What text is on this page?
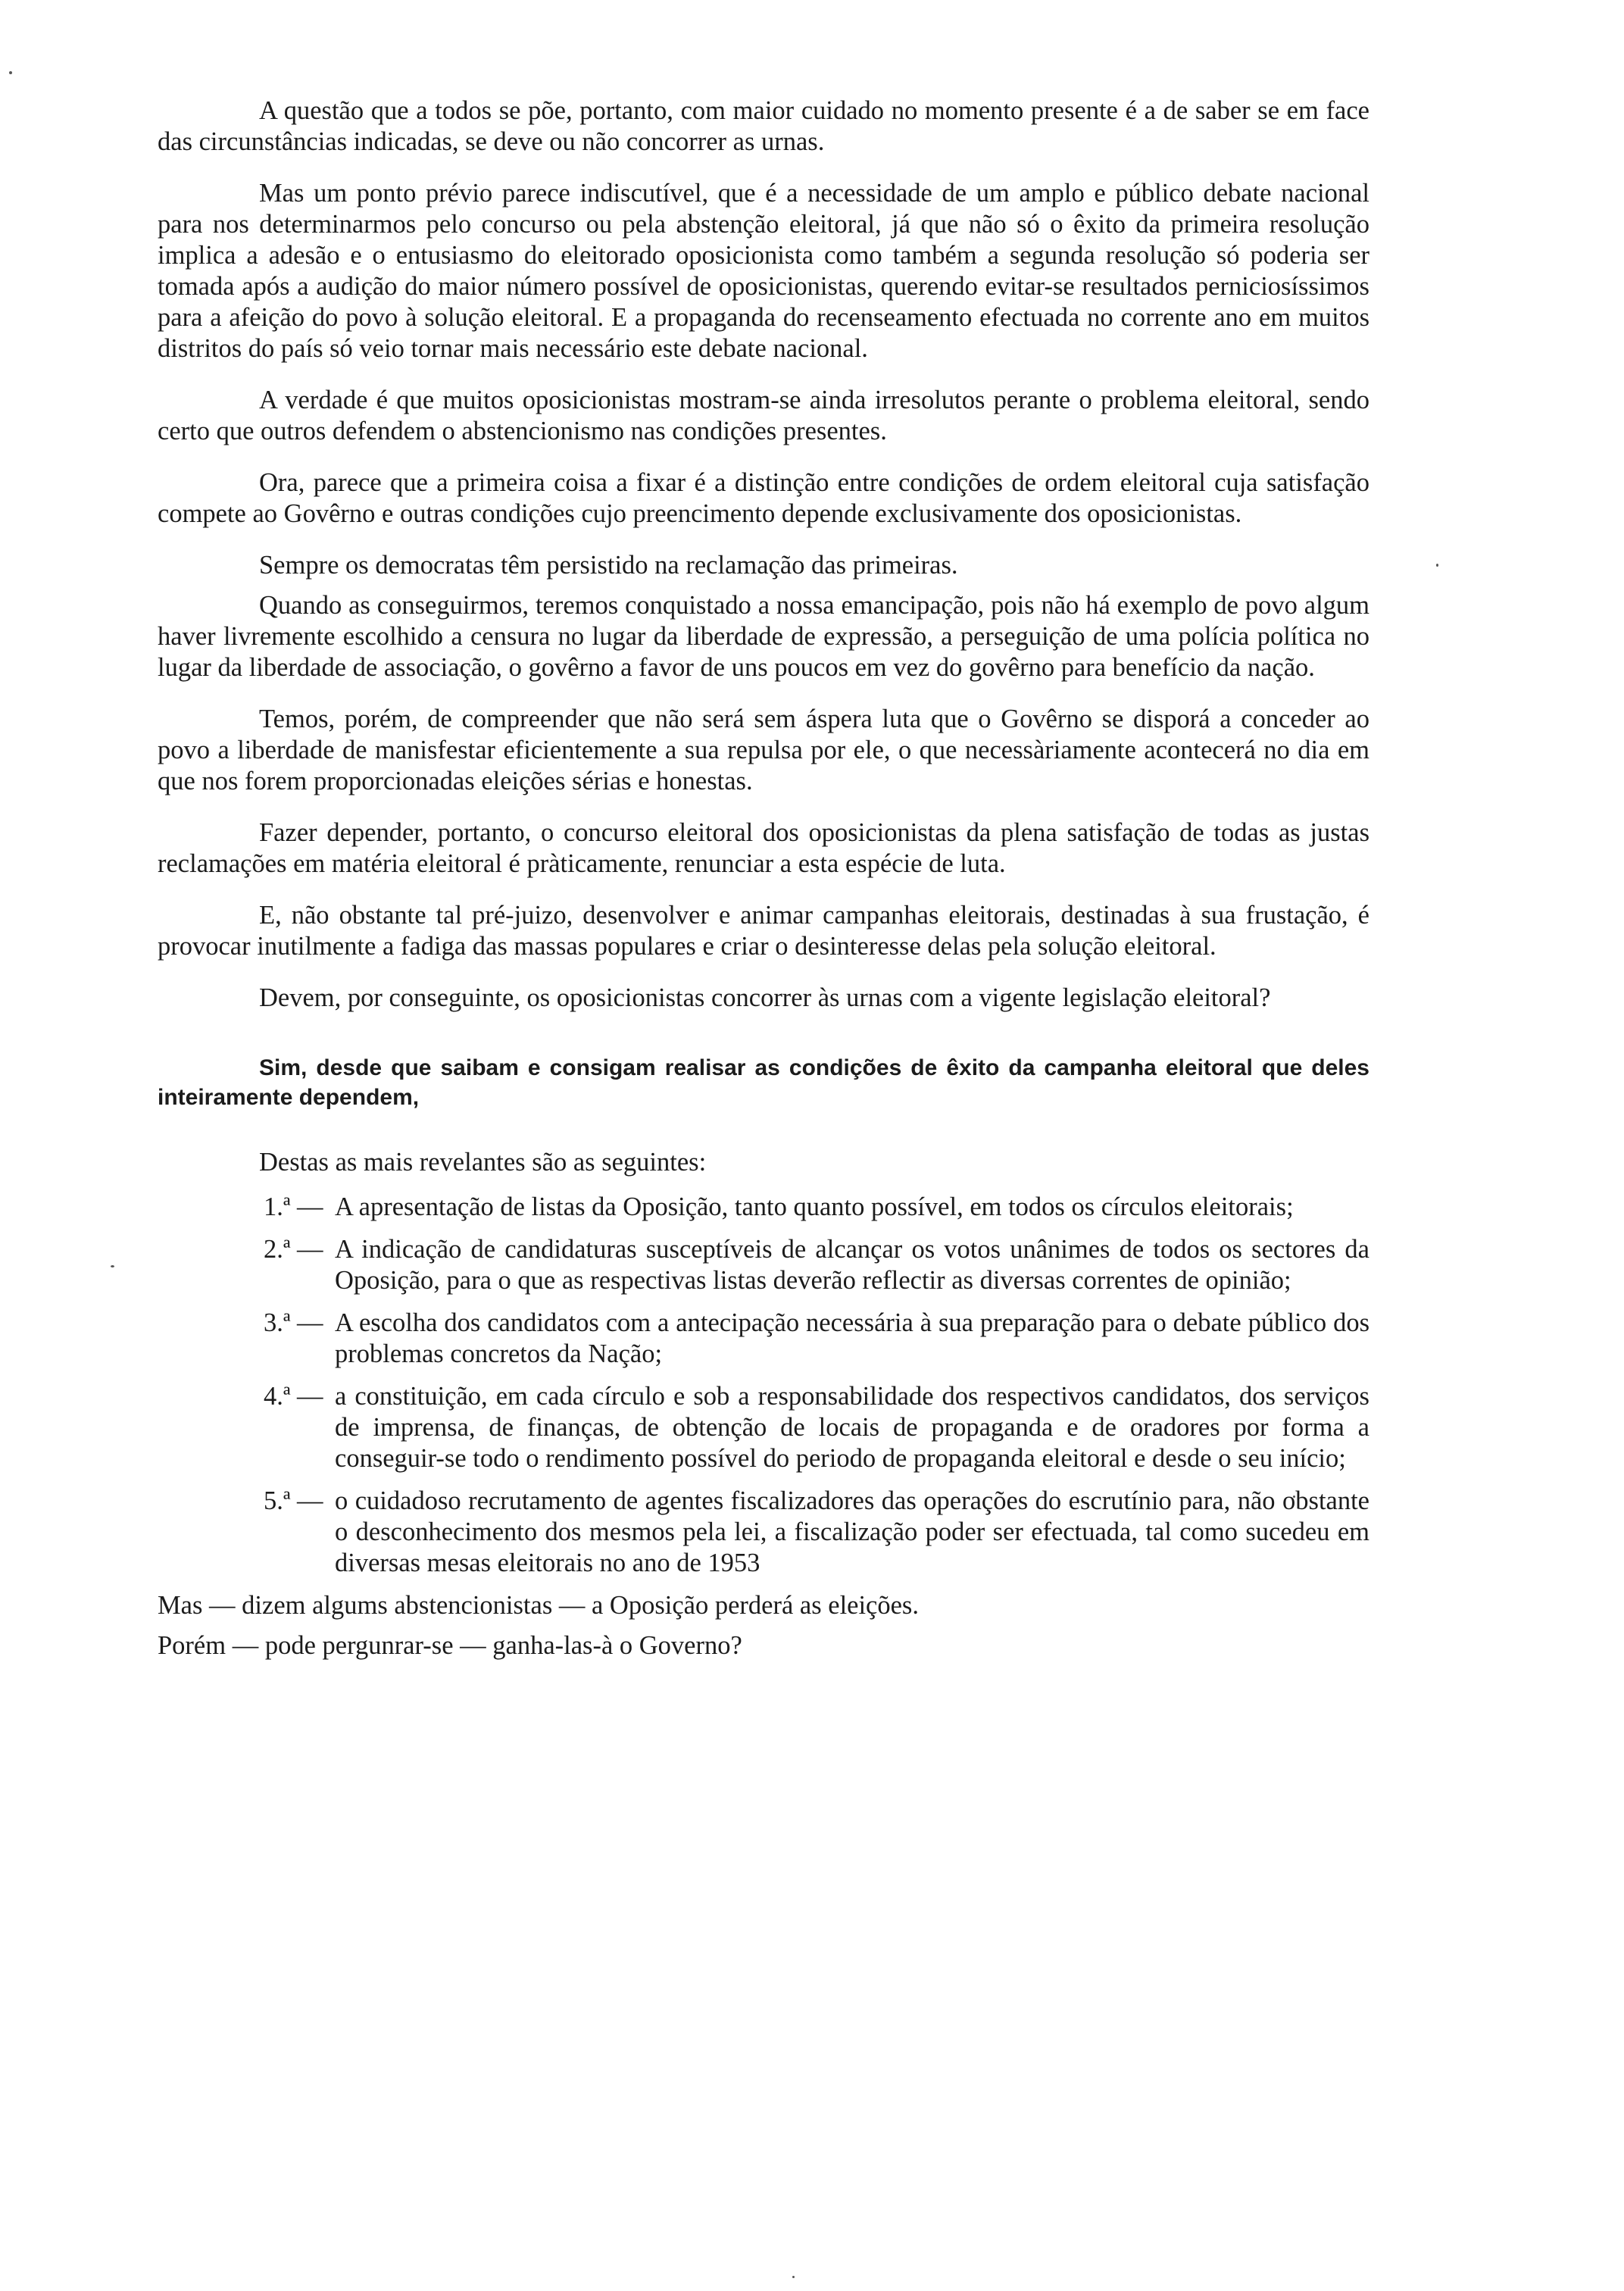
A questão que a todos se põe, portanto, com maior cuidado no momento presente é a de saber se em face das circunstâncias indicadas, se deve ou não concorrer as urnas.

Mas um ponto prévio parece indiscutível, que é a necessidade de um amplo e público debate nacional para nos determinarmos pelo concurso ou pela abstenção eleitoral, já que não só o êxito da primeira resolução implica a adesão e o entusiasmo do eleitorado oposicionista como também a segunda resolução só poderia ser tomada após a audição do maior número possível de oposicionistas, querendo evitar-se resultados perniciosíssimos para a afeição do povo à solução eleitoral. E a propaganda do recenseamento efectuada no corrente ano em muitos distritos do país só veio tornar mais necessário este debate nacional.

A verdade é que muitos oposicionistas mostram-se ainda irresolutos perante o problema eleitoral, sendo certo que outros defendem o abstencionismo nas condições presentes.

Ora, parece que a primeira coisa a fixar é a distinção entre condições de ordem eleitoral cuja satisfação compete ao Govêrno e outras condições cujo preencimento depende exclusivamente dos oposicionistas.

Sempre os democratas têm persistido na reclamação das primeiras.

Quando as conseguirmos, teremos conquistado a nossa emancipação, pois não há exemplo de povo algum haver livremente escolhido a censura no lugar da liberdade de expressão, a perseguição de uma polícia política no lugar da liberdade de associação, o govêrno a favor de uns poucos em vez do govêrno para benefício da nação.

Temos, porém, de compreender que não será sem áspera luta que o Govêrno se disporá a conceder ao povo a liberdade de manisfestar eficientemente a sua repulsa por ele, o que necessàriamente acontecerá no dia em que nos forem proporcionadas eleições sérias e honestas.

Fazer depender, portanto, o concurso eleitoral dos oposicionistas da plena satisfação de todas as justas reclamações em matéria eleitoral é pràticamente, renunciar a esta espécie de luta.

E, não obstante tal pré-juizo, desenvolver e animar campanhas eleitorais, destinadas à sua frustação, é provocar inutilmente a fadiga das massas populares e criar o desinteresse delas pela solução eleitoral.

Devem, por conseguinte, os oposicionistas concorrer às urnas com a vigente legislação eleitoral?

Sim, desde que saibam e consigam realisar as condições de êxito da campanha eleitoral que deles inteiramente dependem,

Destas as mais revelantes são as seguintes:

1.ª — A apresentação de listas da Oposição, tanto quanto possível, em todos os círculos eleitorais;
2.ª — A indicação de candidaturas susceptíveis de alcançar os votos unânimes de todos os sectores da Oposição, para o que as respectivas listas deverão reflectir as diversas correntes de opinião;
3.ª — A escolha dos candidatos com a antecipação necessária à sua preparação para o debate público dos problemas concretos da Nação;
4.ª — a constituição, em cada círculo e sob a responsabilidade dos respectivos candidatos, dos serviços de imprensa, de finanças, de obtenção de locais de propaganda e de oradores por forma a conseguir-se todo o rendimento possível do periodo de propaganda eleitoral e desde o seu início;
5.ª — o cuidadoso recrutamento de agentes fiscalizadores das operações do escrutínio para, não obstante o desconhecimento dos mesmos pela lei, a fiscalização poder ser efectuada, tal como sucedeu em diversas mesas eleitorais no ano de 1953

Mas — dizem algums abstencionistas — a Oposição perderá as eleições.

Porém — pode pergunrar-se — ganha-las-à o Governo?
